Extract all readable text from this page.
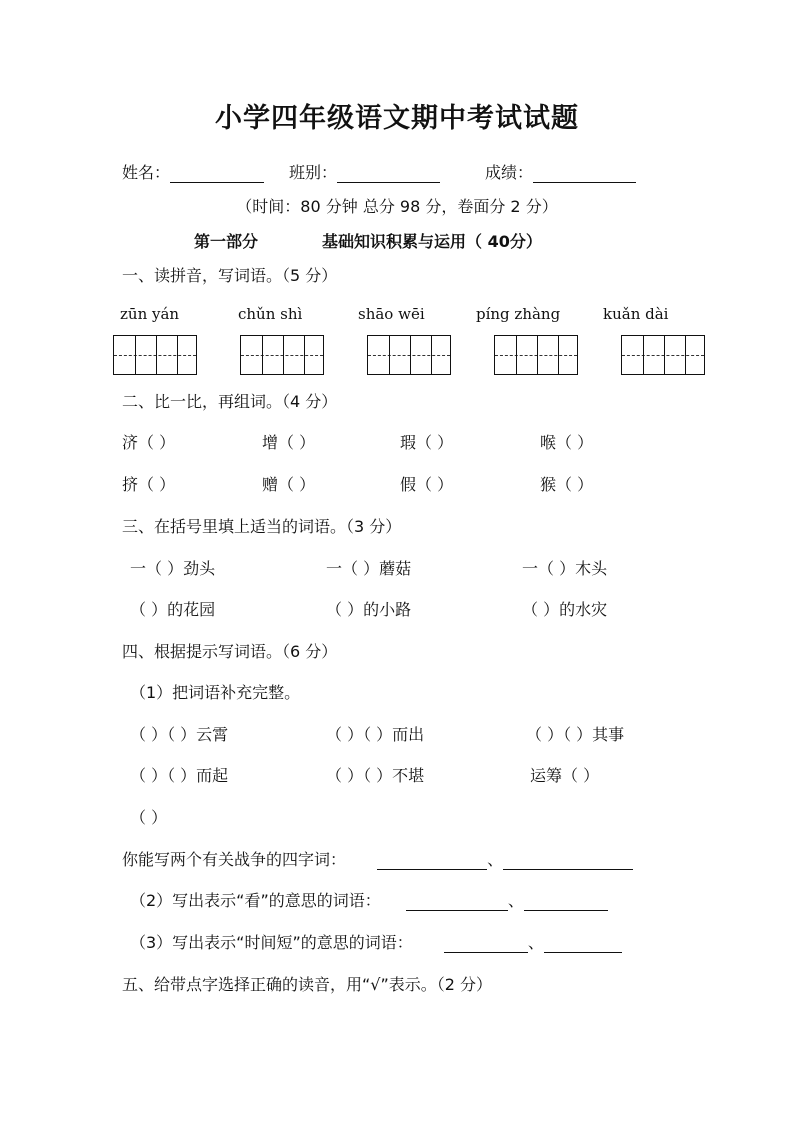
小学四年级语文期中考试试题
姓名：	班别：	成绩：
（时间：80 分钟 总分 98 分，卷面分 2 分）
第一部分	基础知识积累与运用（ 40分）
一、读拼音，写词语。（5 分）
zūn yán	chǔn shì	shāo wēi	píng zhàng	kuǎn dài
二、比一比，再组词。（4 分）
济（ ）	增（ ）	瑕（ ）	喉（ ）
挤（ ）	赠（ ）	假（ ）	猴（ ）
三、在括号里填上适当的词语。（3 分）
一（ ）劲头	一（ ）蘑菇	一（ ）木头
（ ）的花园	（ ）的小路	（ ）的水灾
四、根据提示写词语。（6 分）
（1）把词语补充完整。
（ ）（ ）云霄	（ ）（ ）而出	（ ）（ ）其事
（ ）（ ）而起	（ ）（ ）不堪	运筹（ ）
（ ）
你能写两个有关战争的四字词：	、
（2）写出表示“看”的意思的词语：	、
（3）写出表示“时间短”的意思的词语：	、
五、给带点字选择正确的读音，用“√”表示。（2 分）
